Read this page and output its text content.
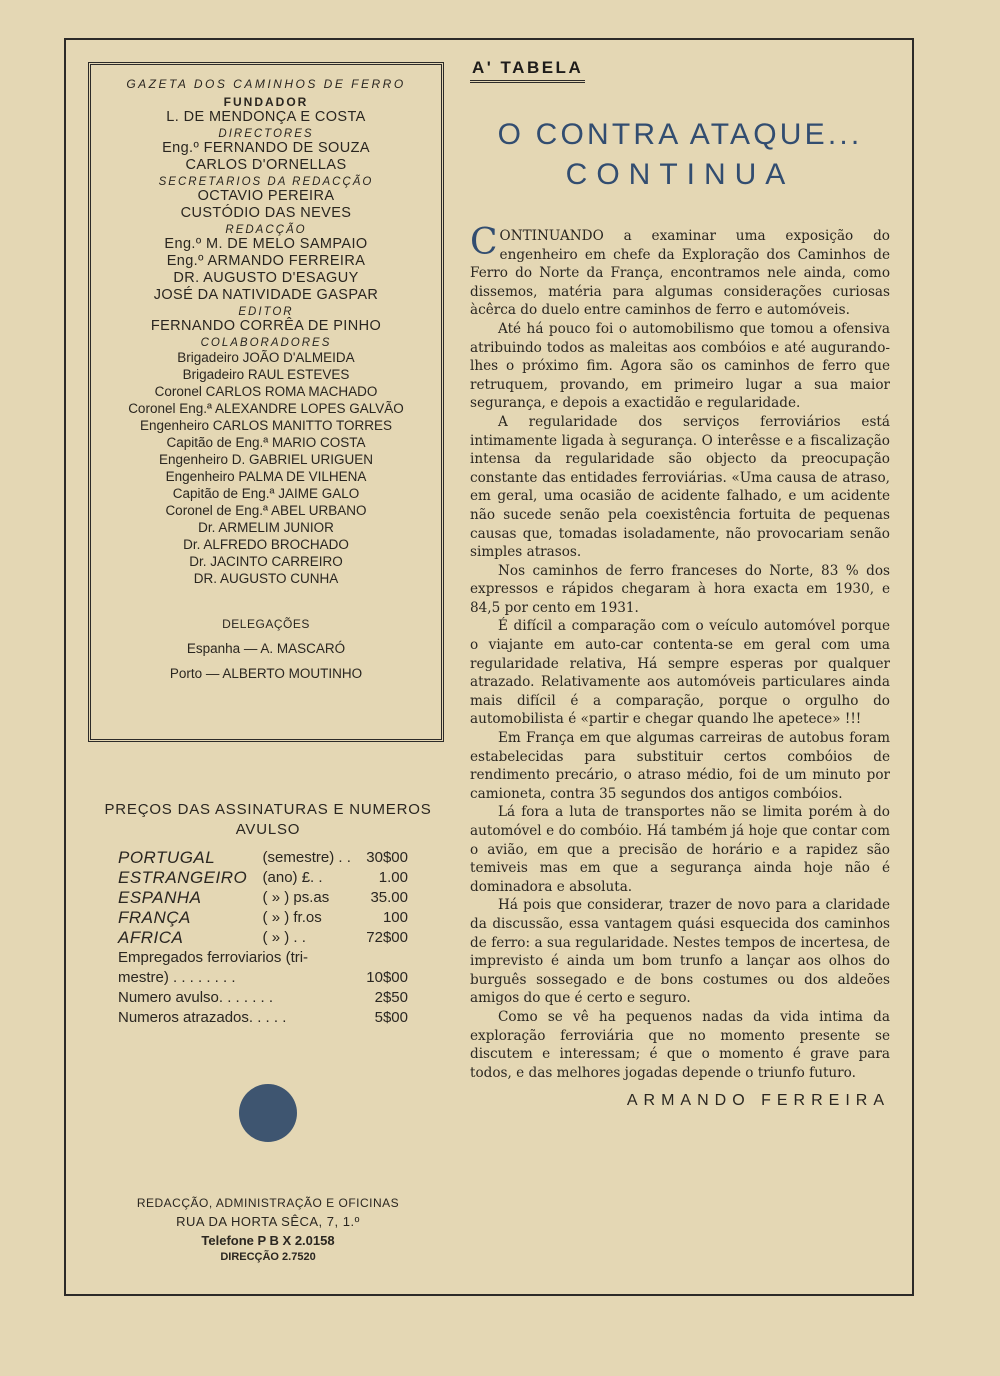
GAZETA DOS CAMINHOS DE FERRO
FUNDADOR
L. DE MENDONÇA E COSTA
DIRECTORES
Eng.º FERNANDO DE SOUZA
CARLOS D'ORNELLAS
SECRETARIOS DA REDACÇÃO
OCTAVIO PEREIRA
CUSTÓDIO DAS NEVES
REDACÇÃO
Eng.º M. DE MELO SAMPAIO
Eng.º ARMANDO FERREIRA
DR. AUGUSTO D'ESAGUY
JOSÉ DA NATIVIDADE GASPAR
EDITOR
FERNANDO CORRÊA DE PINHO
COLABORADORES
Brigadeiro JOÃO D'ALMEIDA
Brigadeiro RAUL ESTEVES
Coronel CARLOS ROMA MACHADO
Coronel Eng.ª ALEXANDRE LOPES GALVÃO
Engenheiro CARLOS MANITTO TORRES
Capitão de Eng.ª MARIO COSTA
Engenheiro D. GABRIEL URIGUEN
Engenheiro PALMA DE VILHENA
Capitão de Eng.ª JAIME GALO
Coronel de Eng.ª ABEL URBANO
Dr. ARMELIM JUNIOR
Dr. ALFREDO BROCHADO
Dr. JACINTO CARREIRO
DR. AUGUSTO CUNHA
DELEGAÇÕES
Espanha — A. MASCARÓ
Porto — ALBERTO MOUTINHO
PREÇOS DAS ASSINATURAS E NUMEROS
AVULSO
PORTUGAL	(semestre) . .	30$00
ESTRANGEIRO	(ano) £. .	1.00
ESPANHA	( » ) ps.as	35.00
FRANÇA	( » ) fr.os	100
AFRICA	( » ) . .	72$00
Empregados ferroviarios (tri-		
mestre) . . . . . . . .		10$00
Numero avulso. . . . . . .		2$50
Numeros atrazados. . . . .		5$00
REDACÇÃO, ADMINISTRAÇÃO E OFICINAS
RUA DA HORTA SÊCA, 7, 1.º
Telefone P B X 2.0158
DIRECÇÃO 2.7520
A' TABELA
O CONTRA ATAQUE...
CONTINUA

CONTINUANDO a examinar uma exposição do engenheiro em chefe da Exploração dos Caminhos de Ferro do Norte da França, encontramos nele ainda, como dissemos, matéria para algumas considerações curiosas àcêrca do duelo entre caminhos de ferro e automóveis.

Até há pouco foi o automobilismo que tomou a ofensiva atribuindo todos as maleitas aos combóios e até augurando-lhes o próximo fim. Agora são os caminhos de ferro que retruquem, provando, em primeiro lugar a sua maior segurança, e depois a exactidão e regularidade.

A regularidade dos serviços ferroviários está intimamente ligada à segurança. O interêsse e a fiscalização intensa da regularidade são objecto da preocupação constante das entidades ferroviárias. «Uma causa de atraso, em geral, uma ocasião de acidente falhado, e um acidente não sucede senão pela coexistência fortuita de pequenas causas que, tomadas isoladamente, não provocariam senão simples atrasos.

Nos caminhos de ferro franceses do Norte, 83 % dos expressos e rápidos chegaram à hora exacta em 1930, e 84,5 por cento em 1931.

É difícil a comparação com o veículo automóvel porque o viajante em auto-car contenta-se em geral com uma regularidade relativa, Há sempre esperas por qualquer atrazado. Relativamente aos automóveis particulares ainda mais difícil é a comparação, porque o orgulho do automobilista é «partir e chegar quando lhe apetece» !!!

Em França em que algumas carreiras de autobus foram estabelecidas para substituir certos combóios de rendimento precário, o atraso médio, foi de um minuto por camioneta, contra 35 segundos dos antigos combóios.

Lá fora a luta de transportes não se limita porém à do automóvel e do combóio. Há também já hoje que contar com o avião, em que a precisão de horário e a rapidez são temiveis mas em que a segurança ainda hoje não é dominadora e absoluta.

Há pois que considerar, trazer de novo para a claridade da discussão, essa vantagem quási esquecida dos caminhos de ferro: a sua regularidade. Nestes tempos de incertesa, de imprevisto é ainda um bom trunfo a lançar aos olhos do burguês sossegado e de bons costumes ou dos aldeões amigos do que é certo e seguro.

Como se vê ha pequenos nadas da vida intima da exploração ferroviária que no momento presente se discutem e interessam; é que o momento é grave para todos, e das melhores jogadas depende o triunfo futuro.

ARMANDO FERREIRA
